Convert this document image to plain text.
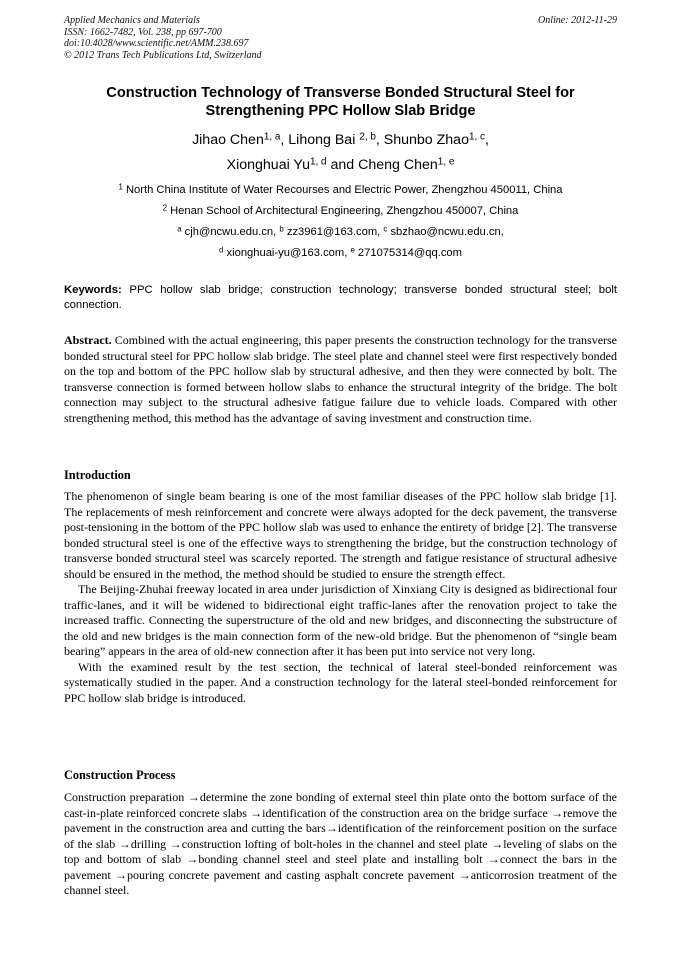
Applied Mechanics and Materials
ISSN: 1662-7482, Vol. 238, pp 697-700
doi:10.4028/www.scientific.net/AMM.238.697
© 2012 Trans Tech Publications Ltd, Switzerland
Online: 2012-11-29
Construction Technology of Transverse Bonded Structural Steel for
Strengthening PPC Hollow Slab Bridge
Jihao Chen$^{1, a}$, Lihong Bai $^{2, b}$, Shunbo Zhao$^{1, c}$,
Xionghuai Yu$^{1, d}$ and Cheng Chen$^{1, e}$
$^1$ North China Institute of Water Recourses and Electric Power, Zhengzhou 450011, China
$^2$ Henan School of Architectural Engineering, Zhengzhou 450007, China
$^a$ cjh@ncwu.edu.cn, $^b$ zz3961@163.com, $^c$ sbzhao@ncwu.edu.cn,
$^d$ xionghuai-yu@163.com, $^e$ 271075314@qq.com
Keywords: PPC hollow slab bridge; construction technology; transverse bonded structural steel; bolt connection.

Abstract. Combined with the actual engineering, this paper presents the construction technology for the transverse bonded structural steel for PPC hollow slab bridge. The steel plate and channel steel were first respectively bonded on the top and bottom of the PPC hollow slab by structural adhesive, and then they were connected by bolt. The transverse connection is formed between hollow slabs to enhance the structural integrity of the bridge. The bolt connection may subject to the structural adhesive fatigue failure due to vehicle loads. Compared with other strengthening method, this method has the advantage of saving investment and construction time.

Introduction

The phenomenon of single beam bearing is one of the most familiar diseases of the PPC hollow slab bridge [1]. The replacements of mesh reinforcement and concrete were always adopted for the deck pavement, the transverse post-tensioning in the bottom of the PPC hollow slab was used to enhance the entirety of bridge [2]. The transverse bonded structural steel is one of the effective ways to strengthening the bridge, but the construction technology of transverse bonded structural steel was scarcely reported. The strength and fatigue resistance of structural adhesive should be ensured in the method, the method should be studied to ensure the strength effect.

The Beijing-Zhuhai freeway located in area under jurisdiction of Xinxiang City is designed as bidirectional four traffic-lanes, and it will be widened to bidirectional eight traffic-lanes after the renovation project to take the increased traffic. Connecting the superstructure of the old and new bridges, and disconnecting the substructure of the old and new bridges is the main connection form of the new-old bridge. But the phenomenon of “single beam bearing” appears in the area of old-new connection after it has been put into service not very long.

With the examined result by the test section, the technical of lateral steel-bonded reinforcement was systematically studied in the paper. And a construction technology for the lateral steel-bonded reinforcement for PPC hollow slab bridge is introduced.

Construction Process

Construction preparation →determine the zone bonding of external steel thin plate onto the bottom surface of the cast-in-plate reinforced concrete slabs →identification of the construction area on the bridge surface →remove the pavement in the construction area and cutting the bars→identification of the reinforcement position on the surface of the slab →drilling →construction lofting of bolt-holes in the channel and steel plate →leveling of slabs on the top and bottom of slab →bonding channel steel and steel plate and installing bolt →connect the bars in the pavement →pouring concrete pavement and casting asphalt concrete pavement →anticorrosion treatment of the channel steel.
